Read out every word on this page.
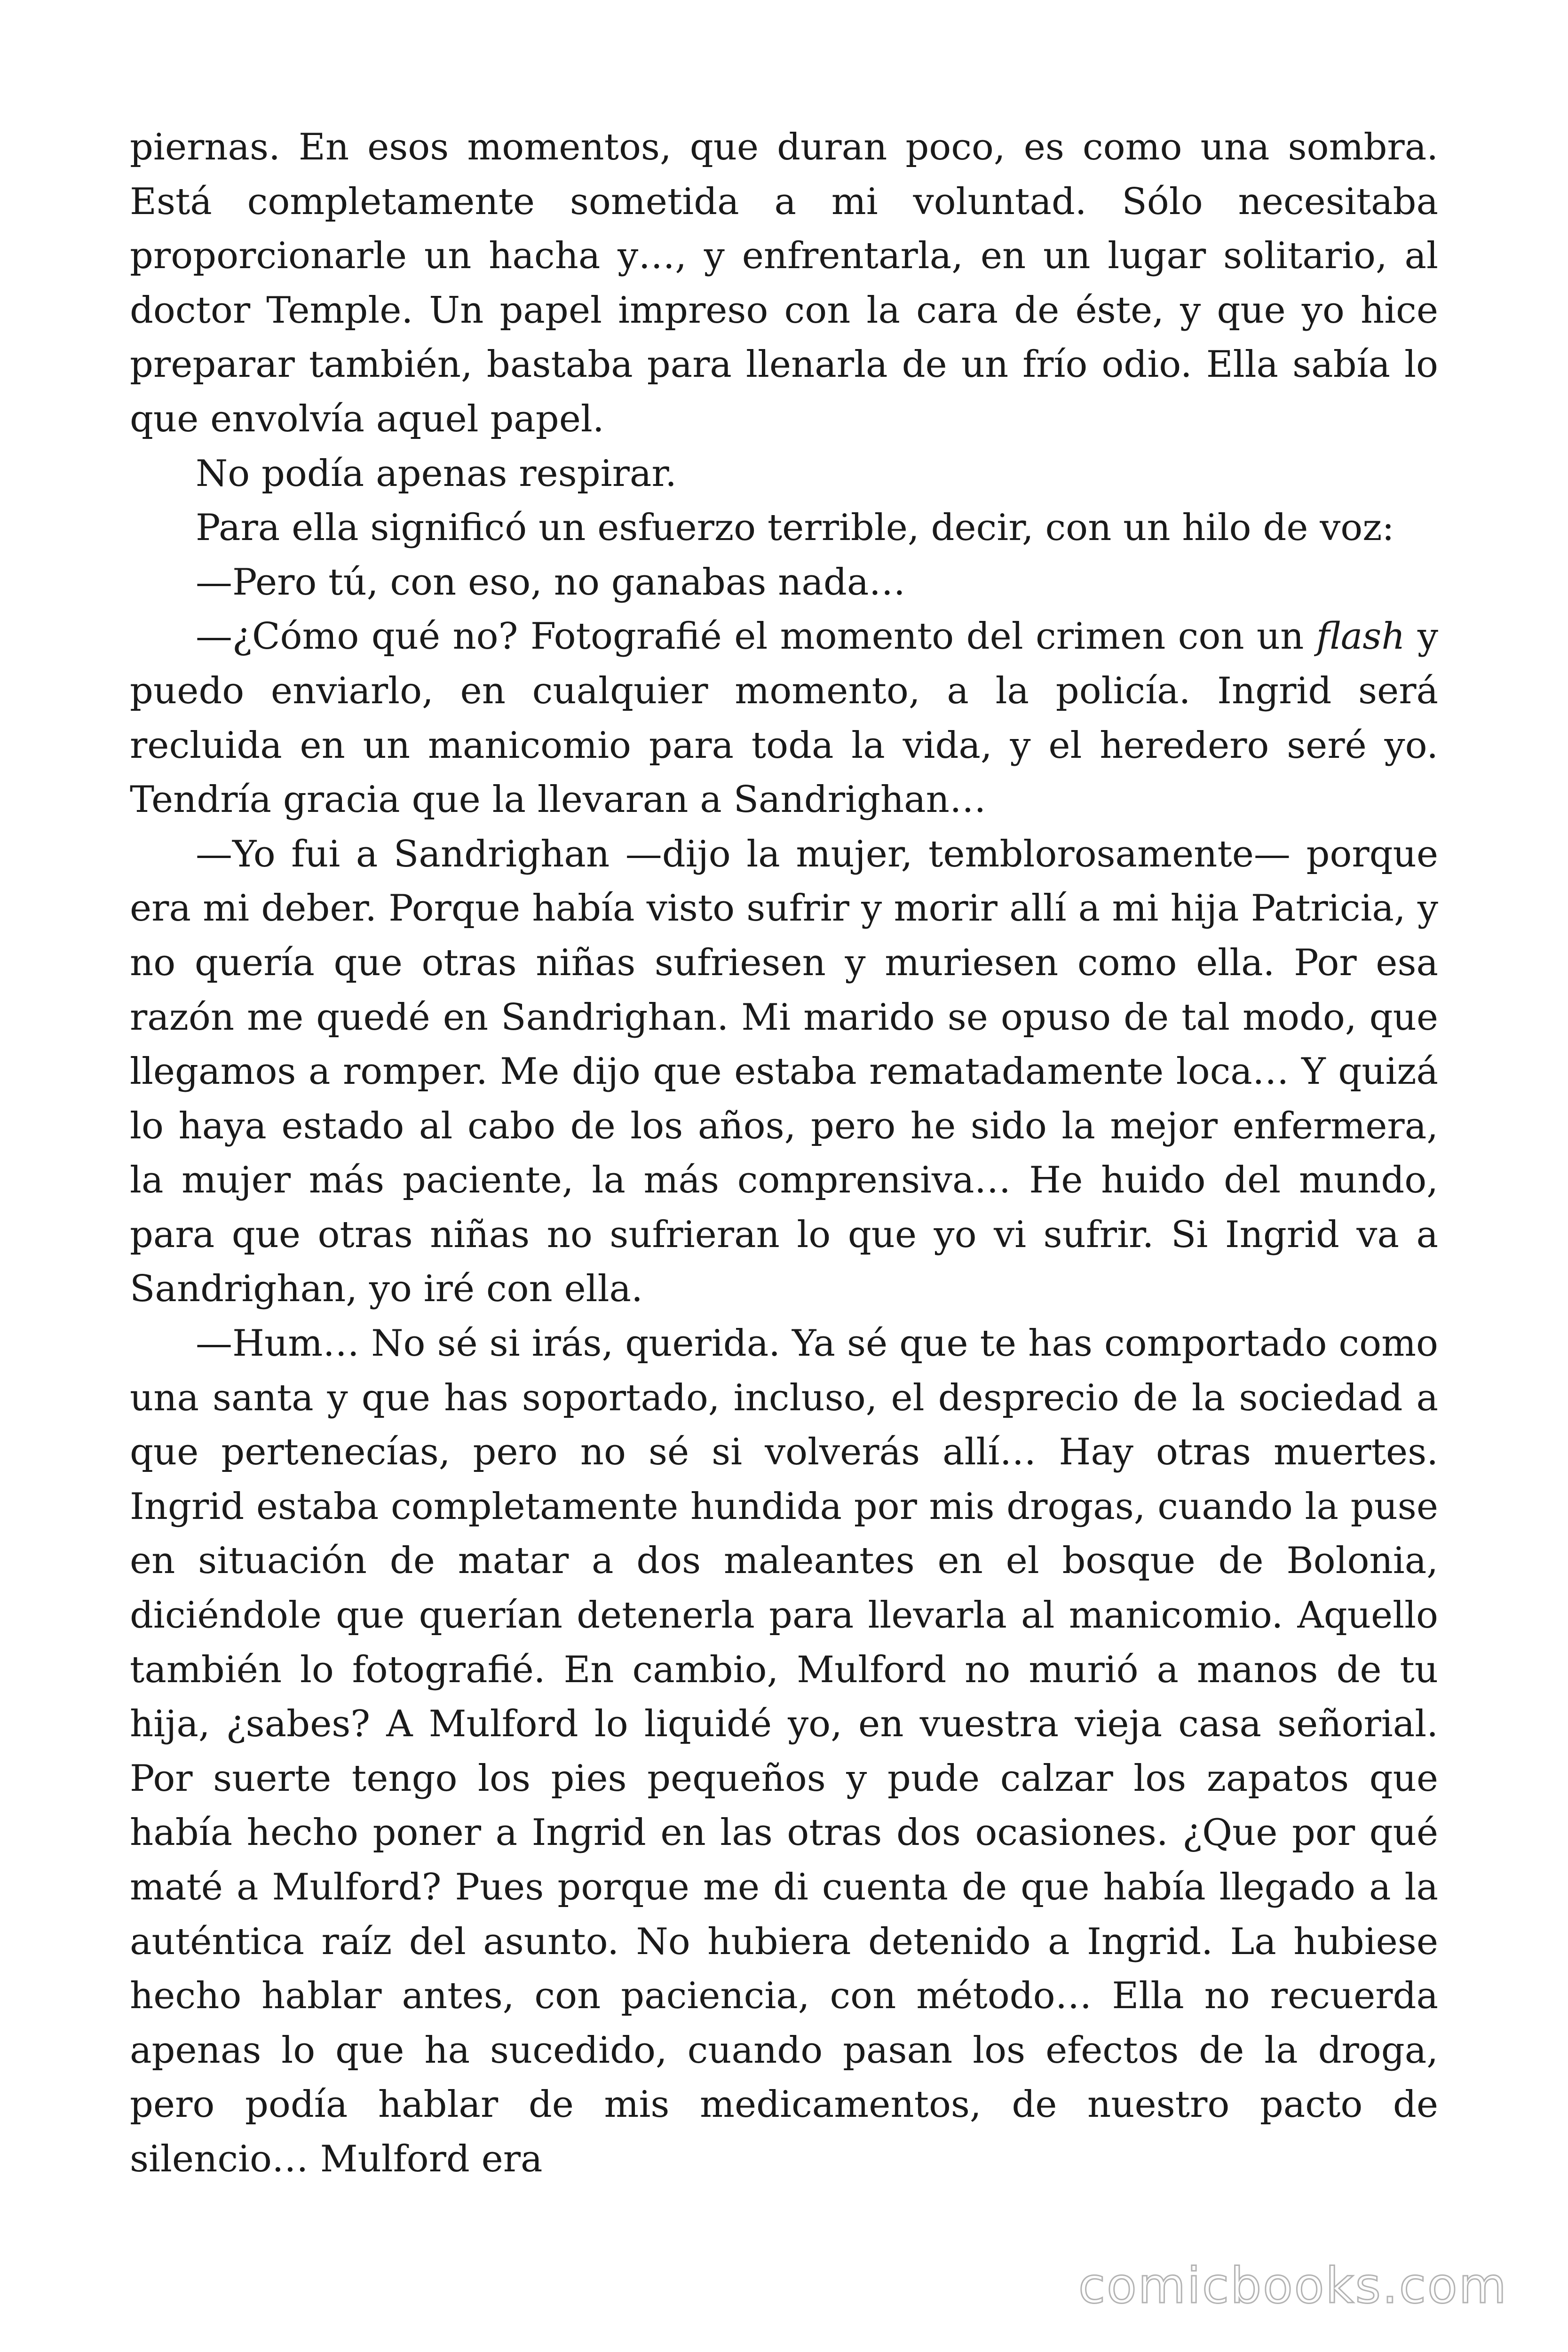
piernas. En esos momentos, que duran poco, es como una sombra. Está completamente sometida a mi voluntad. Sólo necesitaba proporcionarle un hacha y…, y enfrentarla, en un lugar solitario, al doctor Temple. Un papel impreso con la cara de éste, y que yo hice preparar también, bastaba para llenarla de un frío odio. Ella sabía lo que envolvía aquel papel.

No podía apenas respirar.

Para ella significó un esfuerzo terrible, decir, con un hilo de voz:

—Pero tú, con eso, no ganabas nada…

—¿Cómo qué no? Fotografié el momento del crimen con un flash y puedo enviarlo, en cualquier momento, a la policía. Ingrid será recluida en un manicomio para toda la vida, y el heredero seré yo. Tendría gracia que la llevaran a Sandrighan…

—Yo fui a Sandrighan —dijo la mujer, temblorosamente— porque era mi deber. Porque había visto sufrir y morir allí a mi hija Patricia, y no quería que otras niñas sufriesen y muriesen como ella. Por esa razón me quedé en Sandrighan. Mi marido se opuso de tal modo, que llegamos a romper. Me dijo que estaba rematadamente loca… Y quizá lo haya estado al cabo de los años, pero he sido la mejor enfermera, la mujer más paciente, la más comprensiva… He huido del mundo, para que otras niñas no sufrieran lo que yo vi sufrir. Si Ingrid va a Sandrighan, yo iré con ella.

—Hum… No sé si irás, querida. Ya sé que te has comportado como una santa y que has soportado, incluso, el desprecio de la sociedad a que pertenecías, pero no sé si volverás allí… Hay otras muertes. Ingrid estaba completamente hundida por mis drogas, cuando la puse en situación de matar a dos maleantes en el bosque de Bolonia, diciéndole que querían detenerla para llevarla al manicomio. Aquello también lo fotografié. En cambio, Mulford no murió a manos de tu hija, ¿sabes? A Mulford lo liquidé yo, en vuestra vieja casa señorial. Por suerte tengo los pies pequeños y pude calzar los zapatos que había hecho poner a Ingrid en las otras dos ocasiones. ¿Que por qué maté a Mulford? Pues porque me di cuenta de que había llegado a la auténtica raíz del asunto. No hubiera detenido a Ingrid. La hubiese hecho hablar antes, con paciencia, con método… Ella no recuerda apenas lo que ha sucedido, cuando pasan los efectos de la droga, pero podía hablar de mis medicamentos, de nuestro pacto de silencio… Mulford era

comicbooks.com
